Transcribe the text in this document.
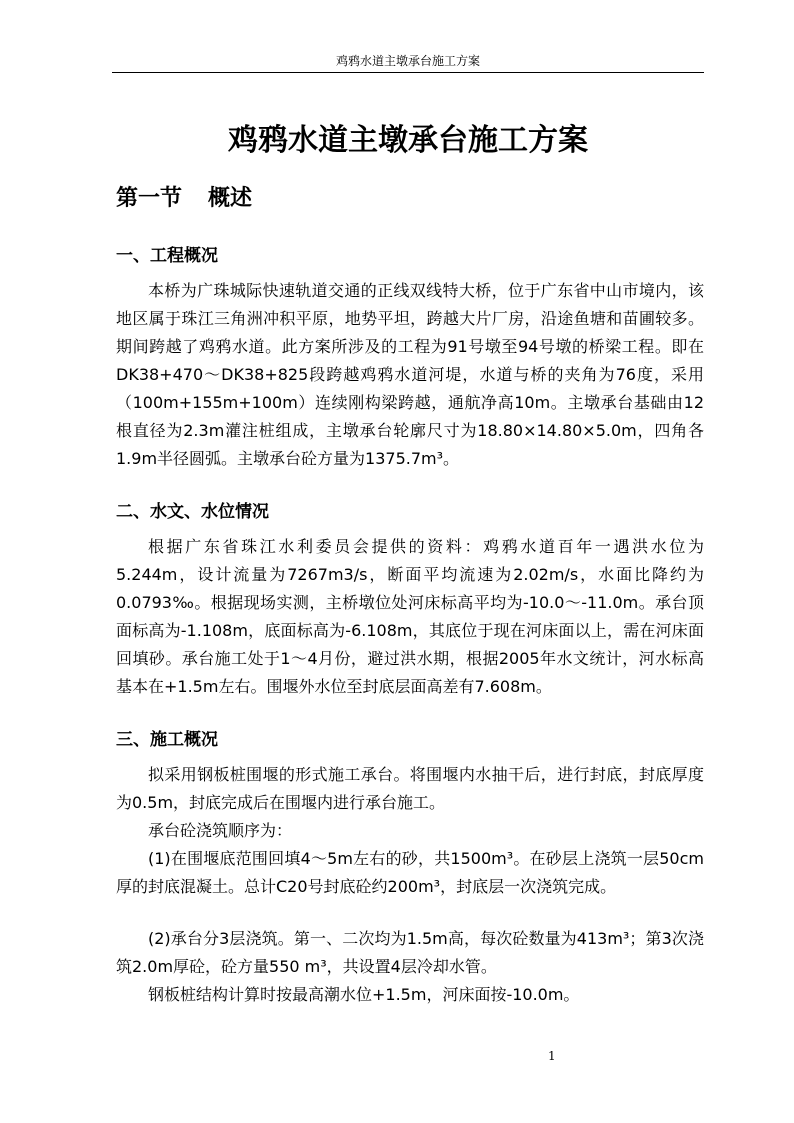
鸡鸦水道主墩承台施工方案
鸡鸦水道主墩承台施工方案
第一节 概述
一、工程概况
本桥为广珠城际快速轨道交通的正线双线特大桥，位于广东省中山市境内，该地区属于珠江三角洲冲积平原，地势平坦，跨越大片厂房，沿途鱼塘和苗圃较多。期间跨越了鸡鸦水道。此方案所涉及的工程为91号墩至94号墩的桥梁工程。即在DK38+470～DK38+825段跨越鸡鸦水道河堤，水道与桥的夹角为76度，采用（100m+155m+100m）连续刚构梁跨越，通航净高10m。主墩承台基础由12根直径为2.3m灌注桩组成，主墩承台轮廓尺寸为18.80×14.80×5.0m，四角各1.9m半径圆弧。主墩承台砼方量为1375.7m³。
二、水文、水位情况
根据广东省珠江水利委员会提供的资料：鸡鸦水道百年一遇洪水位为5.244m，设计流量为7267m3/s，断面平均流速为2.02m/s，水面比降约为0.0793‰。根据现场实测，主桥墩位处河床标高平均为-10.0～-11.0m。承台顶面标高为-1.108m，底面标高为-6.108m，其底位于现在河床面以上，需在河床面回填砂。承台施工处于1～4月份，避过洪水期，根据2005年水文统计，河水标高基本在+1.5m左右。围堰外水位至封底层面高差有7.608m。
三、施工概况
拟采用钢板桩围堰的形式施工承台。将围堰内水抽干后，进行封底，封底厚度为0.5m，封底完成后在围堰内进行承台施工。
承台砼浇筑顺序为：
(1)在围堰底范围回填4～5m左右的砂，共1500m³。在砂层上浇筑一层50cm厚的封底混凝土。总计C20号封底砼约200m³，封底层一次浇筑完成。
(2)承台分3层浇筑。第一、二次均为1.5m高，每次砼数量为413m³；第3次浇筑2.0m厚砼，砼方量550 m³，共设置4层冷却水管。
钢板桩结构计算时按最高潮水位+1.5m，河床面按-10.0m。
1
